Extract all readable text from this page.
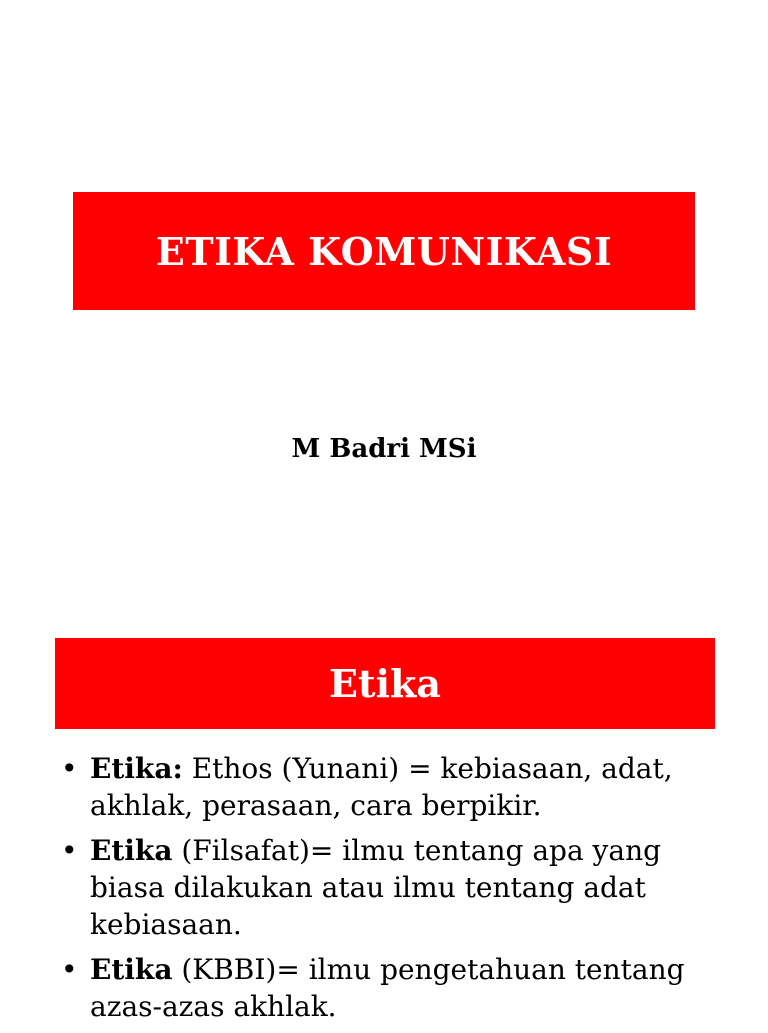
ETIKA KOMUNIKASI
M Badri MSi
Etika
• Etika: Ethos (Yunani) = kebiasaan, adat, akhlak, perasaan, cara berpikir.
• Etika (Filsafat)= ilmu tentang apa yang biasa dilakukan atau ilmu tentang adat kebiasaan.
• Etika (KBBI)= ilmu pengetahuan tentang azas-azas akhlak.
